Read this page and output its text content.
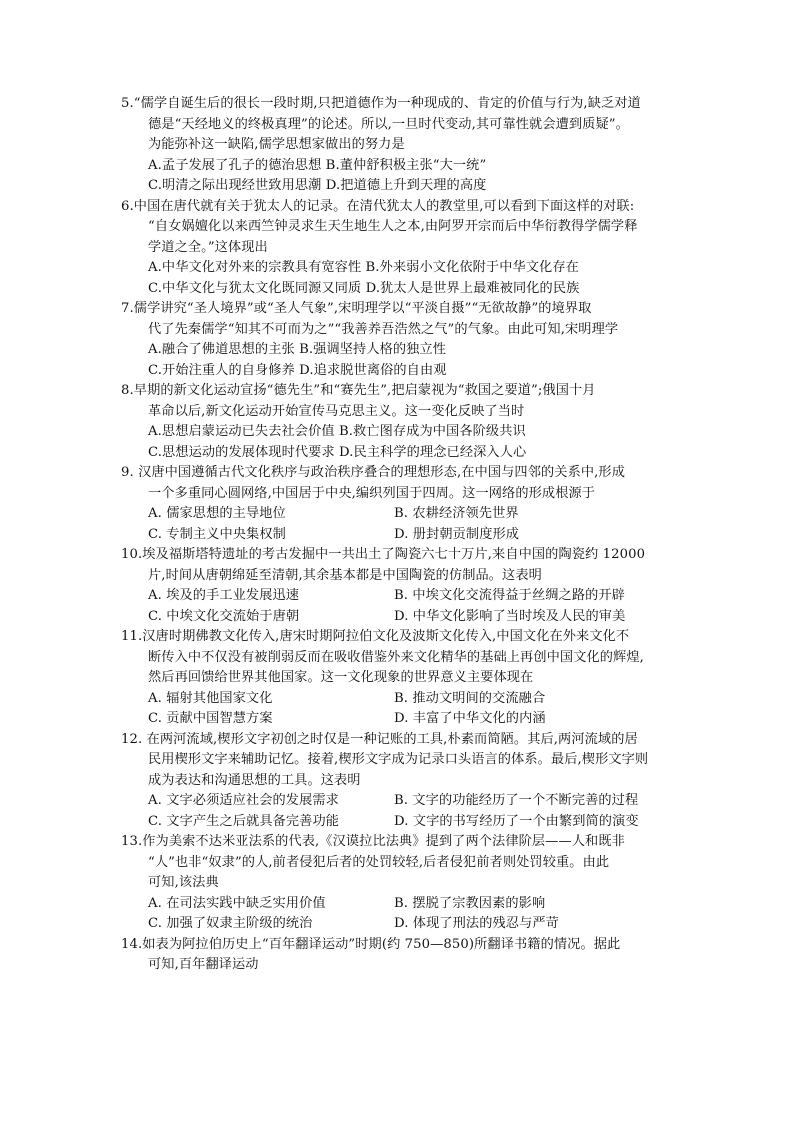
5.“儒学自诞生后的很长一段时期,只把道德作为一种现成的、肯定的价值与行为,缺乏对道
德是“天经地义的终极真理”的论述。所以,一旦时代变动,其可靠性就会遭到质疑”。
为能弥补这一缺陷,儒学思想家做出的努力是
A.孟子发展了孔子的德治思想 B.董仲舒积极主张“大一统”
C.明清之际出现经世致用思潮 D.把道德上升到天理的高度
6.中国在唐代就有关于犹太人的记录。在清代犹太人的教堂里,可以看到下面这样的对联:
“自女娲嬗化以来西竺钟灵求生天生地生人之本,由阿罗开宗而后中华衍教得学儒学释
学道之全。”这体现出
A.中华文化对外来的宗教具有宽容性 B.外来弱小文化依附于中华文化存在
C.中华文化与犹太文化既同源又同质 D.犹太人是世界上最难被同化的民族
7.儒学讲究“圣人境界”或“圣人气象”,宋明理学以“平淡自摄”“无欲故静”的境界取
代了先秦儒学“知其不可而为之”“我善养吾浩然之气”的气象。由此可知,宋明理学
A.融合了佛道思想的主张 B.强调坚持人格的独立性
C.开始注重人的自身修养 D.追求脱世离俗的自由观
8.早期的新文化运动宣扬“德先生”和“赛先生”,把启蒙视为“救国之要道”;俄国十月
革命以后,新文化运动开始宣传马克思主义。这一变化反映了当时
A.思想启蒙运动已失去社会价值 B.救亡图存成为中国各阶级共识
C.思想运动的发展体现时代要求 D.民主科学的理念已经深入人心
9. 汉唐中国遵循古代文化秩序与政治秩序叠合的理想形态,在中国与四邻的关系中,形成
一个多重同心圆网络,中国居于中央,编织列国于四周。这一网络的形成根源于
A. 儒家思想的主导地位	B. 农耕经济领先世界
C. 专制主义中央集权制	D. 册封朝贡制度形成
10.埃及福斯塔特遗址的考古发掘中一共出土了陶瓷六七十万片,来自中国的陶瓷约 12000
片,时间从唐朝绵延至清朝,其余基本都是中国陶瓷的仿制品。这表明
A. 埃及的手工业发展迅速	B. 中埃文化交流得益于丝绸之路的开辟
C. 中埃文化交流始于唐朝	D. 中华文化影响了当时埃及人民的审美
11.汉唐时期佛教文化传入,唐宋时期阿拉伯文化及波斯文化传入,中国文化在外来文化不
断传入中不仅没有被削弱反而在吸收借鉴外来文化精华的基础上再创中国文化的辉煌,
然后再回馈给世界其他国家。这一文化现象的世界意义主要体现在
A. 辐射其他国家文化	B. 推动文明间的交流融合
C. 贡献中国智慧方案	D. 丰富了中华文化的内涵
12. 在两河流域,楔形文字初创之时仅是一种记账的工具,朴素而简陋。其后,两河流域的居
民用楔形文字来辅助记忆。接着,楔形文字成为记录口头语言的体系。最后,楔形文字则
成为表达和沟通思想的工具。这表明
A. 文字必须适应社会的发展需求	B. 文字的功能经历了一个不断完善的过程
C. 文字产生之后就具备完善功能	D. 文字的书写经历了一个由繁到简的演变
13.作为美索不达米亚法系的代表,《汉谟拉比法典》提到了两个法律阶层——人和既非
“人”也非“奴隶”的人,前者侵犯后者的处罚较轻,后者侵犯前者则处罚较重。由此
可知,该法典
A. 在司法实践中缺乏实用价值	B. 摆脱了宗教因素的影响
C. 加强了奴隶主阶级的统治	D. 体现了刑法的残忍与严苛
14.如表为阿拉伯历史上“百年翻译运动”时期(约 750—850)所翻译书籍的情况。据此
可知,百年翻译运动
